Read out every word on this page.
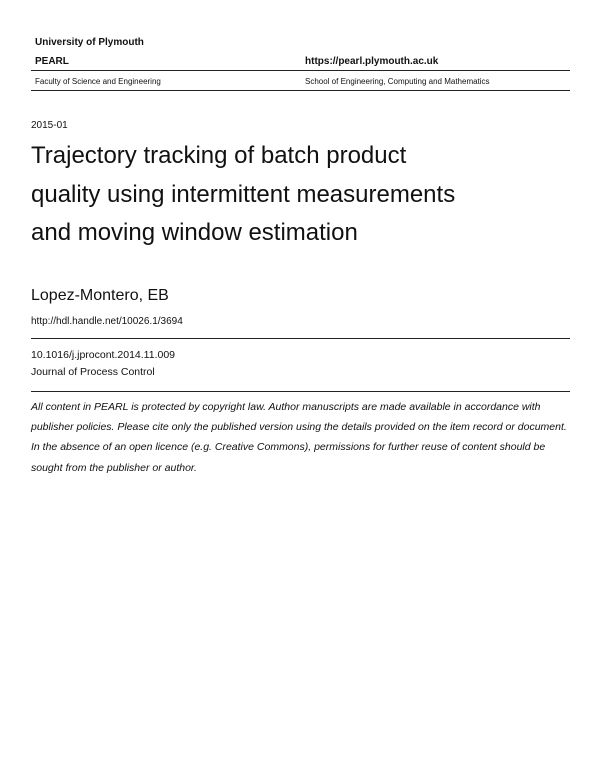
University of Plymouth
PEARL	https://pearl.plymouth.ac.uk
Faculty of Science and Engineering	School of Engineering, Computing and Mathematics
2015-01
Trajectory tracking of batch product
quality using intermittent measurements
and moving window estimation
Lopez-Montero, EB
http://hdl.handle.net/10026.1/3694
10.1016/j.jprocont.2014.11.009
Journal of Process Control
All content in PEARL is protected by copyright law. Author manuscripts are made available in accordance with publisher policies. Please cite only the published version using the details provided on the item record or document. In the absence of an open licence (e.g. Creative Commons), permissions for further reuse of content should be sought from the publisher or author.
